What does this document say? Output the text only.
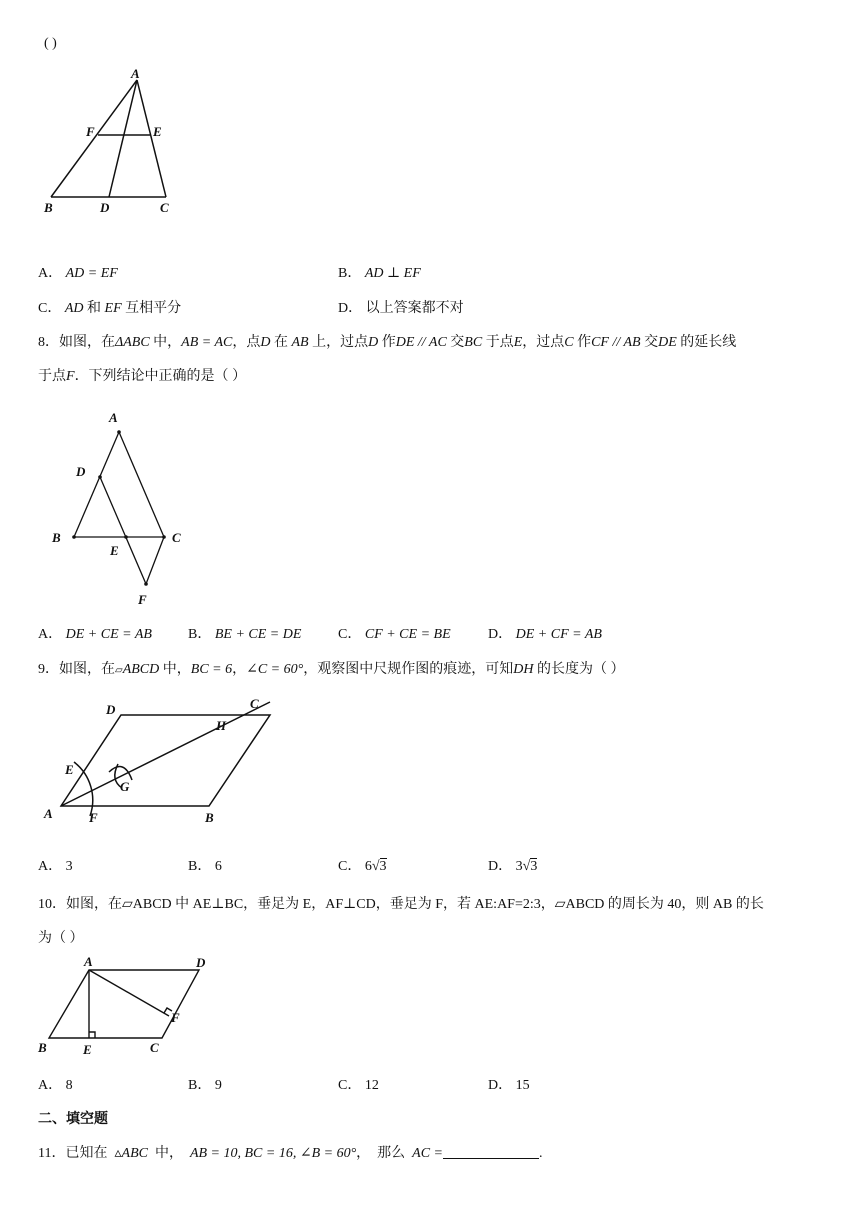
( )
A
F	E
B	D	C
A． AD = EF	B． AD ⊥ EF
C． AD 和 EF 互相平分	D． 以上答案都不对
8．如图，在ΔABC 中，AB = AC，点D 在 AB 上，过点D 作DE // AC 交BC 于点E，过点C 作CF // AB 交DE 的延长线
于点F．下列结论中正确的是（ ）
A
D
B
E
C
F
A． DE + CE = AB	B． BE + CE = DE	C． CF + CE = BE	D． DE + CF = AB
9．如图，在▱ABCD 中，BC = 6，∠C = 60°，观察图中尺规作图的痕迹，可知DH 的长度为（ ）
D	C
H
E
G
A	F	B
A． 3	B． 6	C． 6√3	D． 3√3
10．如图，在▱ABCD 中 AE⊥BC，垂足为 E，AF⊥CD，垂足为 F，若 AE:AF=2:3，▱ABCD 的周长为 40，则 AB 的长
为（ ）
A	D
F
B	E	C
A． 8	B． 9	C． 12	D． 15
二、填空题
11．已知在 ▵ABC 中， AB = 10, BC = 16, ∠B = 60°， 那么 AC =	.
